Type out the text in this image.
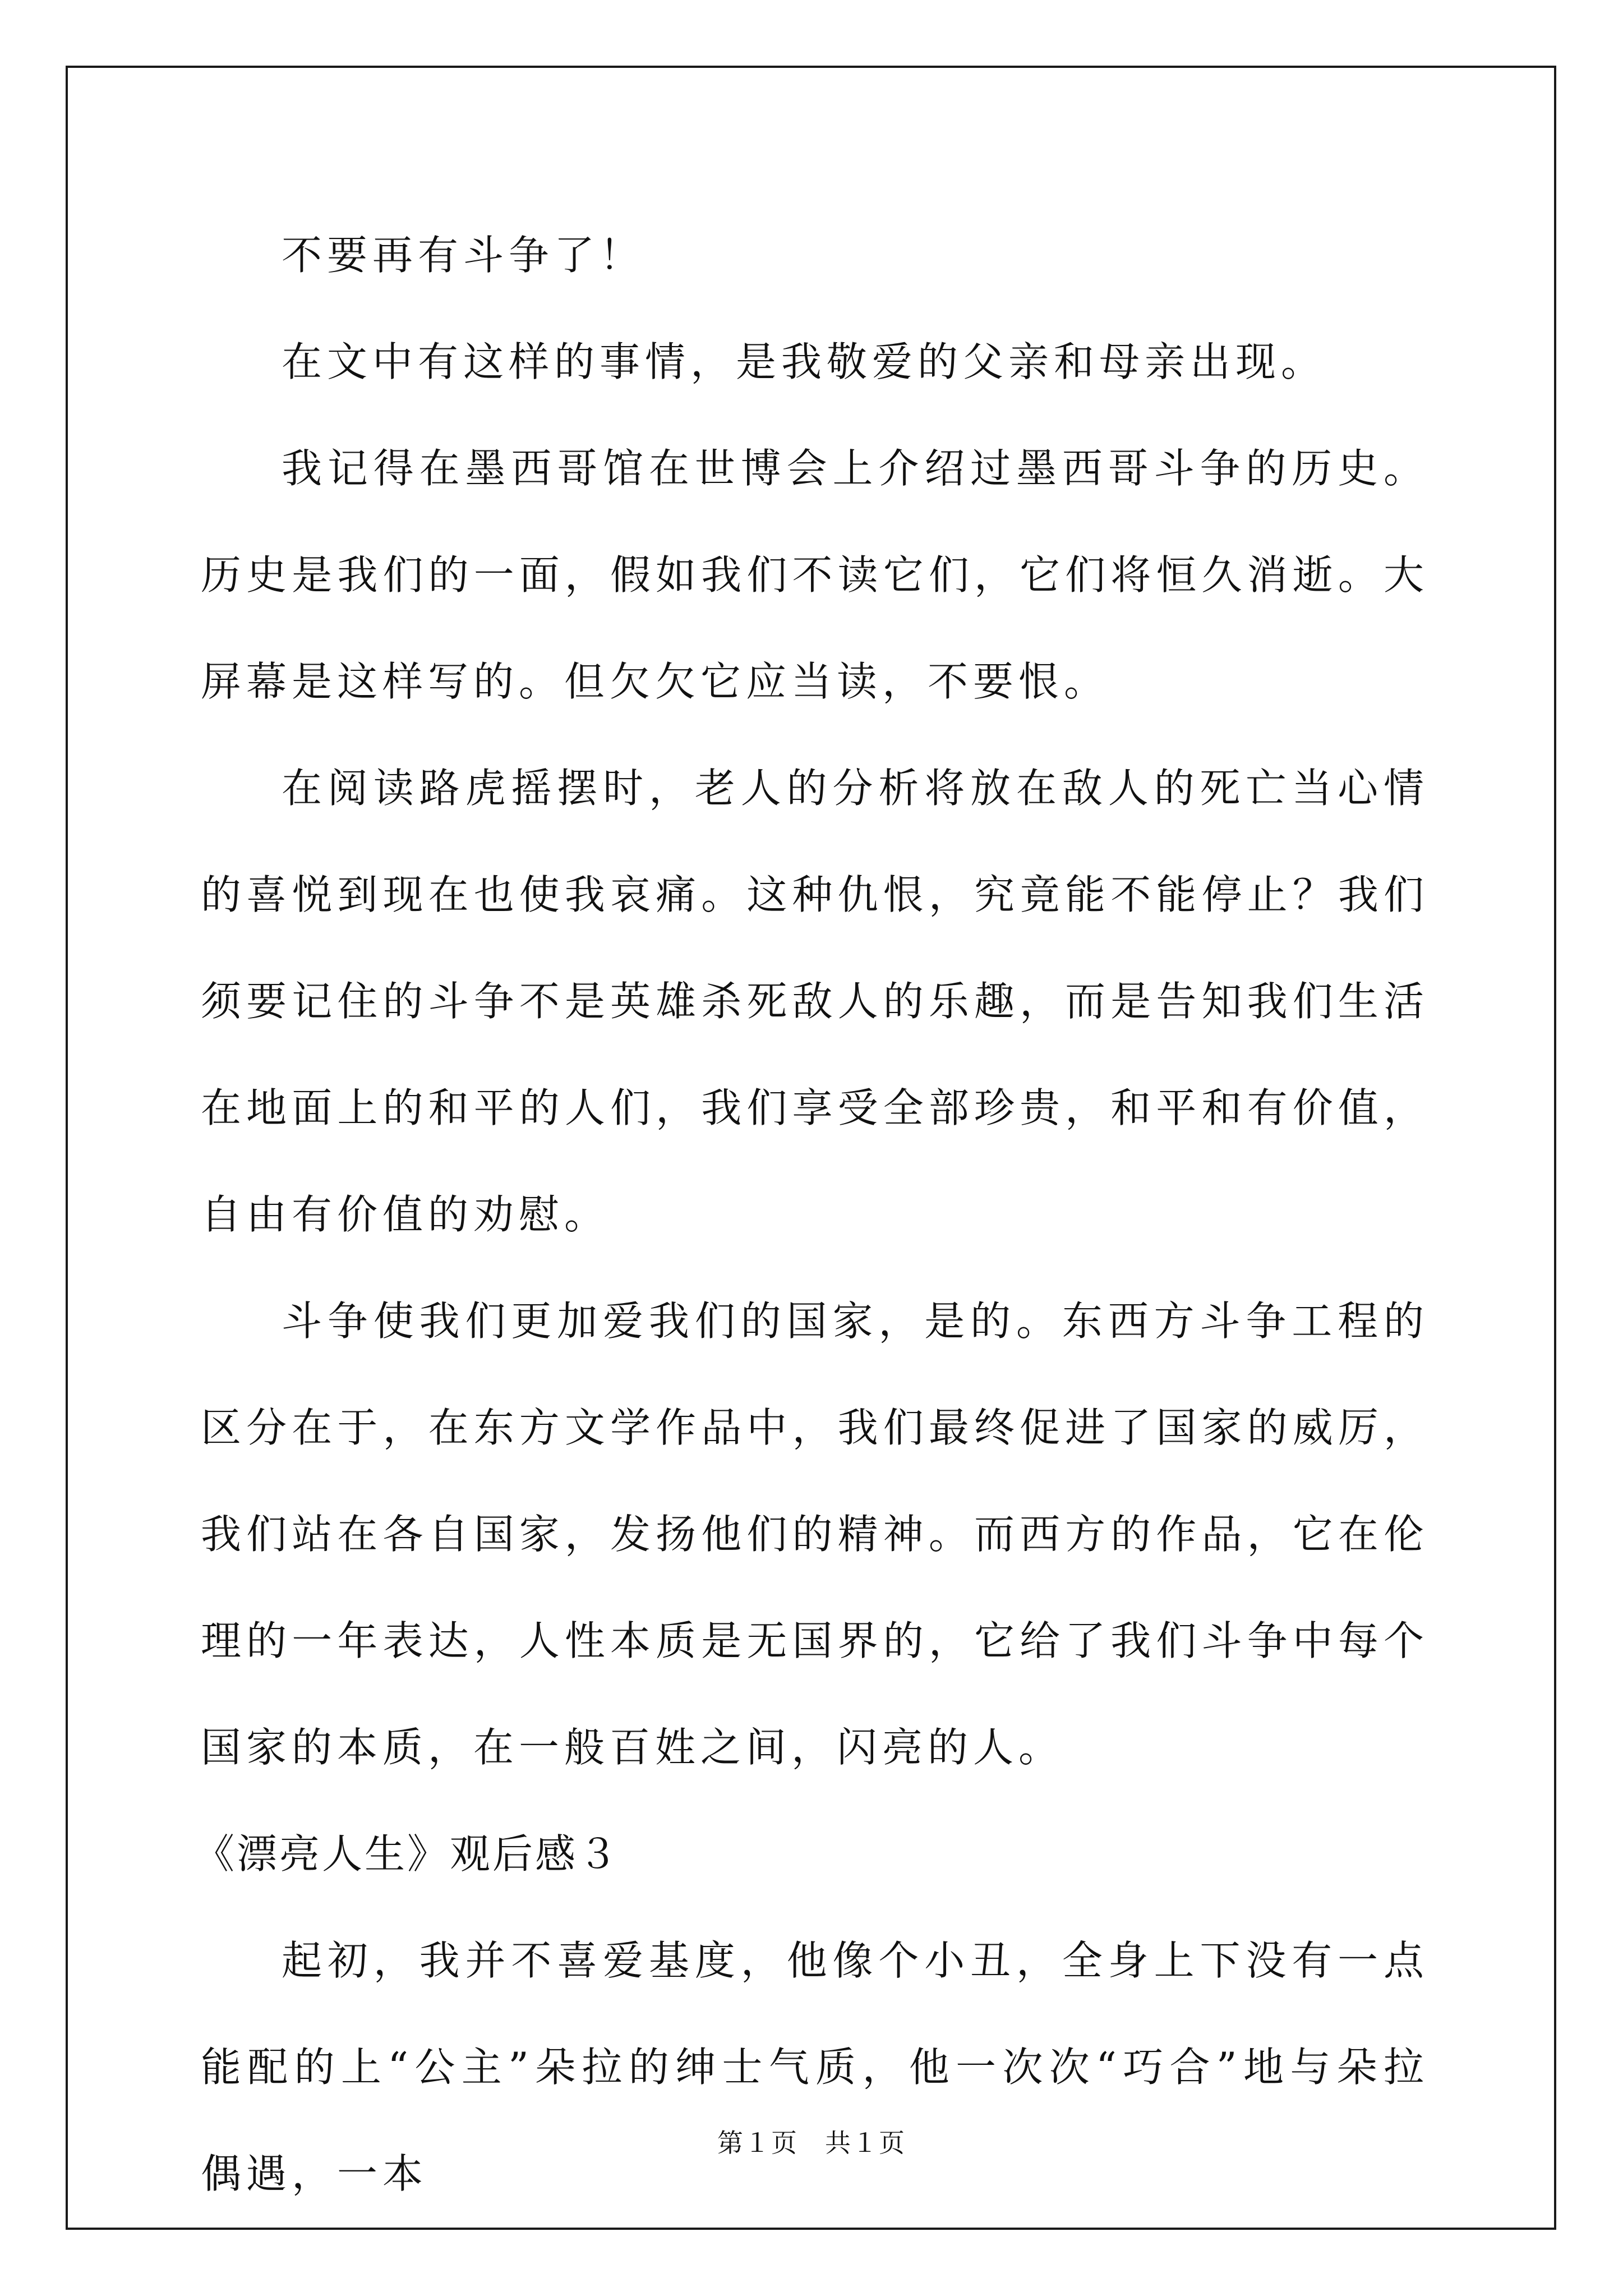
不要再有斗争了！

在文中有这样的事情，是我敬爱的父亲和母亲出现。

我记得在墨西哥馆在世博会上介绍过墨西哥斗争的历史。历史是我们的一面，假如我们不读它们，它们将恒久消逝。大屏幕是这样写的。但欠欠它应当读，不要恨。

在阅读路虎摇摆时，老人的分析将放在敌人的死亡当心情的喜悦到现在也使我哀痛。这种仇恨，究竟能不能停止？我们须要记住的斗争不是英雄杀死敌人的乐趣，而是告知我们生活在地面上的和平的人们，我们享受全部珍贵，和平和有价值，自由有价值的劝慰。

斗争使我们更加爱我们的国家，是的。东西方斗争工程的区分在于，在东方文学作品中，我们最终促进了国家的威厉，我们站在各自国家，发扬他们的精神。而西方的作品，它在伦理的一年表达，人性本质是无国界的，它给了我们斗争中每个国家的本质，在一般百姓之间，闪亮的人。

《漂亮人生》观后感３

起初，我并不喜爱基度，他像个小丑，全身上下没有一点能配的上“公主”朵拉的绅士气质，他一次次“巧合”地与朵拉偶遇，一本

第１页　共１页
